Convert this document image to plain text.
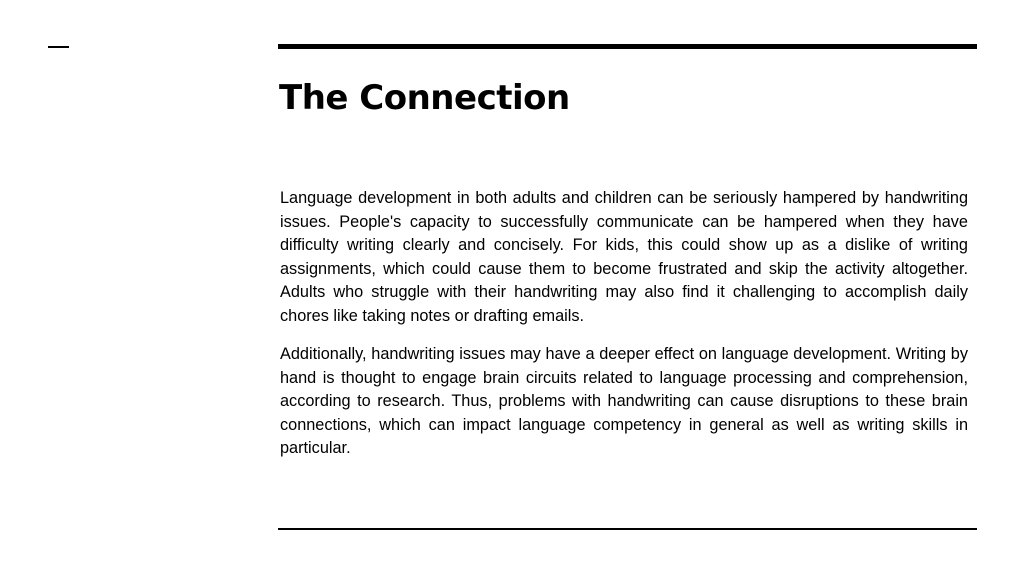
The Connection

Language development in both adults and children can be seriously hampered by handwriting issues. People's capacity to successfully communicate can be hampered when they have difficulty writing clearly and concisely. For kids, this could show up as a dislike of writing assignments, which could cause them to become frustrated and skip the activity altogether. Adults who struggle with their handwriting may also find it challenging to accomplish daily chores like taking notes or drafting emails.

Additionally, handwriting issues may have a deeper effect on language development. Writing by hand is thought to engage brain circuits related to language processing and comprehension, according to research. Thus, problems with handwriting can cause disruptions to these brain connections, which can impact language competency in general as well as writing skills in particular.
